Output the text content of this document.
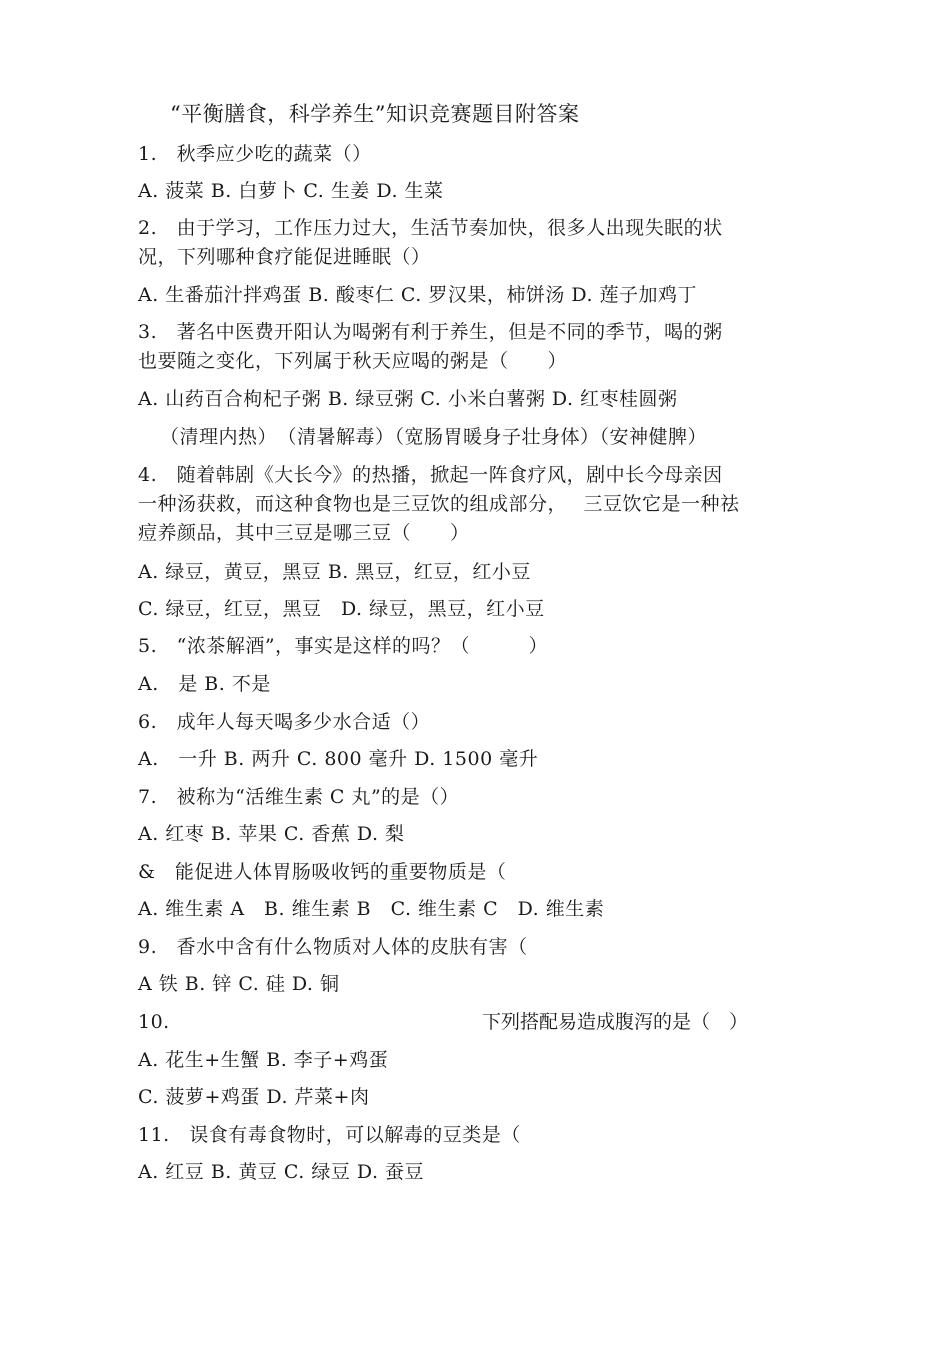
“平衡膳食，科学养生”知识竞赛题目附答案
1.　秋季应少吃的蔬菜（）
A. 菠菜 B. 白萝卜 C. 生姜 D. 生菜
2.　由于学习，工作压力过大，生活节奏加快，很多人出现失眠的状
况，下列哪种食疗能促进睡眠（）
A. 生番茄汁拌鸡蛋 B. 酸枣仁 C. 罗汉果，柿饼汤 D. 莲子加鸡丁
3.　著名中医费开阳认为喝粥有利于养生，但是不同的季节，喝的粥
也要随之变化，下列属于秋天应喝的粥是（　　）
A. 山药百合枸杞子粥 B. 绿豆粥 C. 小米白薯粥 D. 红枣桂圆粥
（清理内热）　（清暑解毒）（宽肠胃暖身子壮身体）（安神健脾）
4.　随着韩剧《大长今》的热播，掀起一阵食疗风，剧中长今母亲因
一种汤获救，而这种食物也是三豆饮的组成部分，　 三豆饮它是一种祛
痘养颜品，其中三豆是哪三豆（　　）
A. 绿豆，黄豆，黑豆 B. 黑豆，红豆，红小豆
C. 绿豆，红豆，黑豆　D. 绿豆，黑豆，红小豆
5.　“浓茶解酒”，事实是这样的吗？（　　　）
A.　是 B. 不是
6.　成年人每天喝多少水合适（）
A.　一升 B. 两升 C. 800 毫升 D. 1500 毫升
7.　被称为“活维生素 C 丸”的是（）
A. 红枣 B. 苹果 C. 香蕉 D. 梨
&　能促进人体胃肠吸收钙的重要物质是（
A. 维生素 A　B. 维生素 B　C. 维生素 C　D. 维生素
9.　香水中含有什么物质对人体的皮肤有害（
A 铁 B. 锌 C. 硅 D. 铜
10.	下列搭配易造成腹泻的是（　）
A. 花生+生蟹 B. 李子+鸡蛋
C. 菠萝+鸡蛋 D. 芹菜+肉
11.　误食有毒食物时，可以解毒的豆类是（
A. 红豆 B. 黄豆 C. 绿豆 D. 蚕豆
